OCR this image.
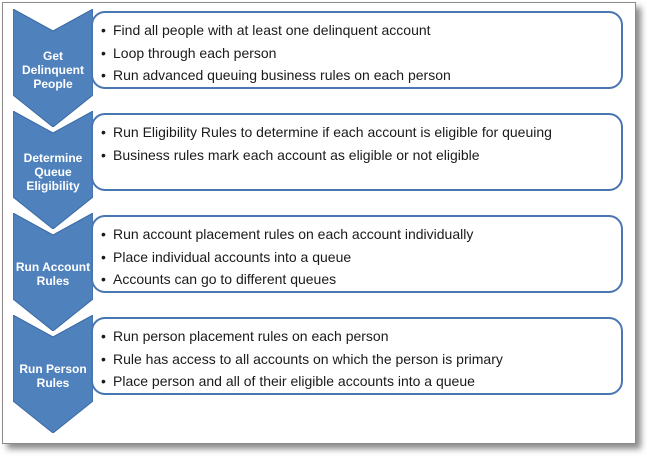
Get
Delinquent
People
• Find all people with at least one delinquent account
• Loop through each person
• Run advanced queuing business rules on each person
Determine
Queue
Eligibility
• Run Eligibility Rules to determine if each account is eligible for queuing
• Business rules mark each account as eligible or not eligible
Run Account
Rules
• Run account placement rules on each account individually
• Place individual accounts into a queue
• Accounts can go to different queues
Run Person
Rules
• Run person placement rules on each person
• Rule has access to all accounts on which the person is primary
• Place person and all of their eligible accounts into a queue
